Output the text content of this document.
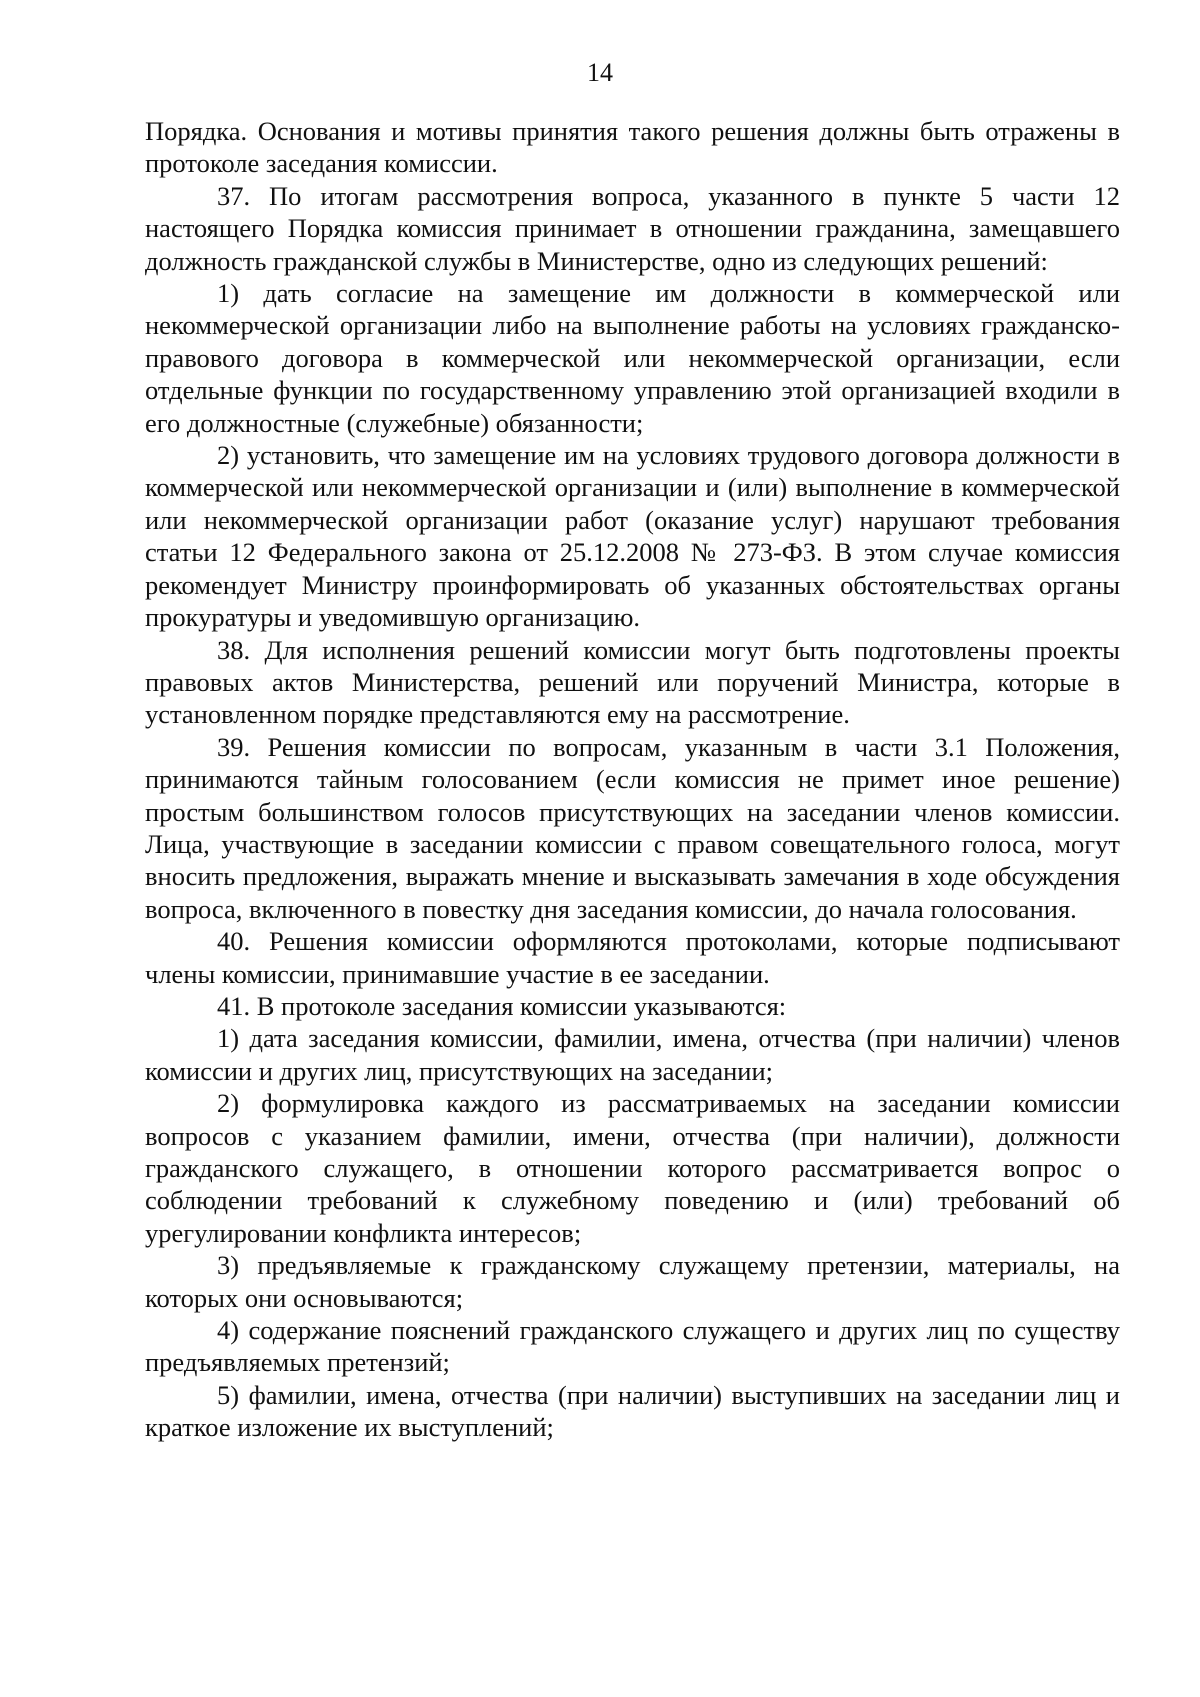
14

Порядка. Основания и мотивы принятия такого решения должны быть отражены в протоколе заседания комиссии.

37. По итогам рассмотрения вопроса, указанного в пункте 5 части 12 настоящего Порядка комиссия принимает в отношении гражданина, замещавшего должность гражданской службы в Министерстве, одно из следующих решений:

1) дать согласие на замещение им должности в коммерческой или некоммерческой организации либо на выполнение работы на условиях гражданско-правового договора в коммерческой или некоммерческой организации, если отдельные функции по государственному управлению этой организацией входили в его должностные (служебные) обязанности;

2) установить, что замещение им на условиях трудового договора должности в коммерческой или некоммерческой организации и (или) выполнение в коммерческой или некоммерческой организации работ (оказание услуг) нарушают требования статьи 12 Федерального закона от 25.12.2008 № 273-ФЗ. В этом случае комиссия рекомендует Министру проинформировать об указанных обстоятельствах органы прокуратуры и уведомившую организацию.

38. Для исполнения решений комиссии могут быть подготовлены проекты правовых актов Министерства, решений или поручений Министра, которые в установленном порядке представляются ему на рассмотрение.

39. Решения комиссии по вопросам, указанным в части 3.1 Положения, принимаются тайным голосованием (если комиссия не примет иное решение) простым большинством голосов присутствующих на заседании членов комиссии. Лица, участвующие в заседании комиссии с правом совещательного голоса, могут вносить предложения, выражать мнение и высказывать замечания в ходе обсуждения вопроса, включенного в повестку дня заседания комиссии, до начала голосования.

40. Решения комиссии оформляются протоколами, которые подписывают члены комиссии, принимавшие участие в ее заседании.

41. В протоколе заседания комиссии указываются:

1) дата заседания комиссии, фамилии, имена, отчества (при наличии) членов комиссии и других лиц, присутствующих на заседании;

2) формулировка каждого из рассматриваемых на заседании комиссии вопросов с указанием фамилии, имени, отчества (при наличии), должности гражданского служащего, в отношении которого рассматривается вопрос о соблюдении требований к служебному поведению и (или) требований об урегулировании конфликта интересов;

3) предъявляемые к гражданскому служащему претензии, материалы, на которых они основываются;

4) содержание пояснений гражданского служащего и других лиц по существу предъявляемых претензий;

5) фамилии, имена, отчества (при наличии) выступивших на заседании лиц и краткое изложение их выступлений;
